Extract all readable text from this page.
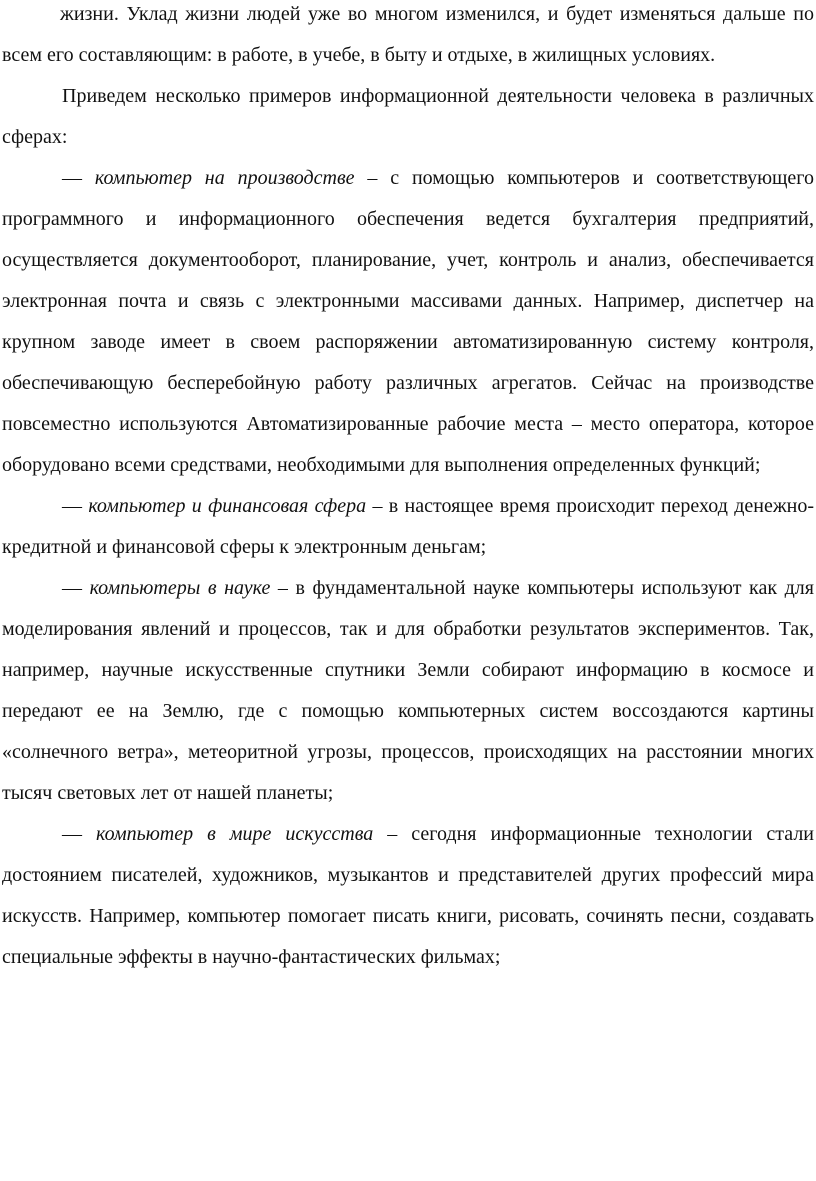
жизни. Уклад жизни людей уже во многом изменился, и будет изменяться дальше по всем его составляющим: в работе, в учебе, в быту и отдыхе, в жилищных условиях.

Приведем несколько примеров информационной деятельности человека в различных сферах:

— компьютер на производстве – с помощью компьютеров и соответствующего программного и информационного обеспечения ведется бухгалтерия предприятий, осуществляется документооборот, планирование, учет, контроль и анализ, обеспечивается электронная почта и связь с электронными массивами данных. Например, диспетчер на крупном заводе имеет в своем распоряжении автоматизированную систему контроля, обеспечивающую бесперебойную работу различных агрегатов. Сейчас на производстве повсеместно используются Автоматизированные рабочие места – место оператора, которое оборудовано всеми средствами, необходимыми для выполнения определенных функций;

— компьютер и финансовая сфера – в настоящее время происходит переход денежно-кредитной и финансовой сферы к электронным деньгам;

— компьютеры в науке – в фундаментальной науке компьютеры используют как для моделирования явлений и процессов, так и для обработки результатов экспериментов. Так, например, научные искусственные спутники Земли собирают информацию в космосе и передают ее на Землю, где с помощью компьютерных систем воссоздаются картины «солнечного ветра», метеоритной угрозы, процессов, происходящих на расстоянии многих тысяч световых лет от нашей планеты;

— компьютер в мире искусства – сегодня информационные технологии стали достоянием писателей, художников, музыкантов и представителей других профессий мира искусств. Например, компьютер помогает писать книги, рисовать, сочинять песни, создавать специальные эффекты в научно-фантастических фильмах;
